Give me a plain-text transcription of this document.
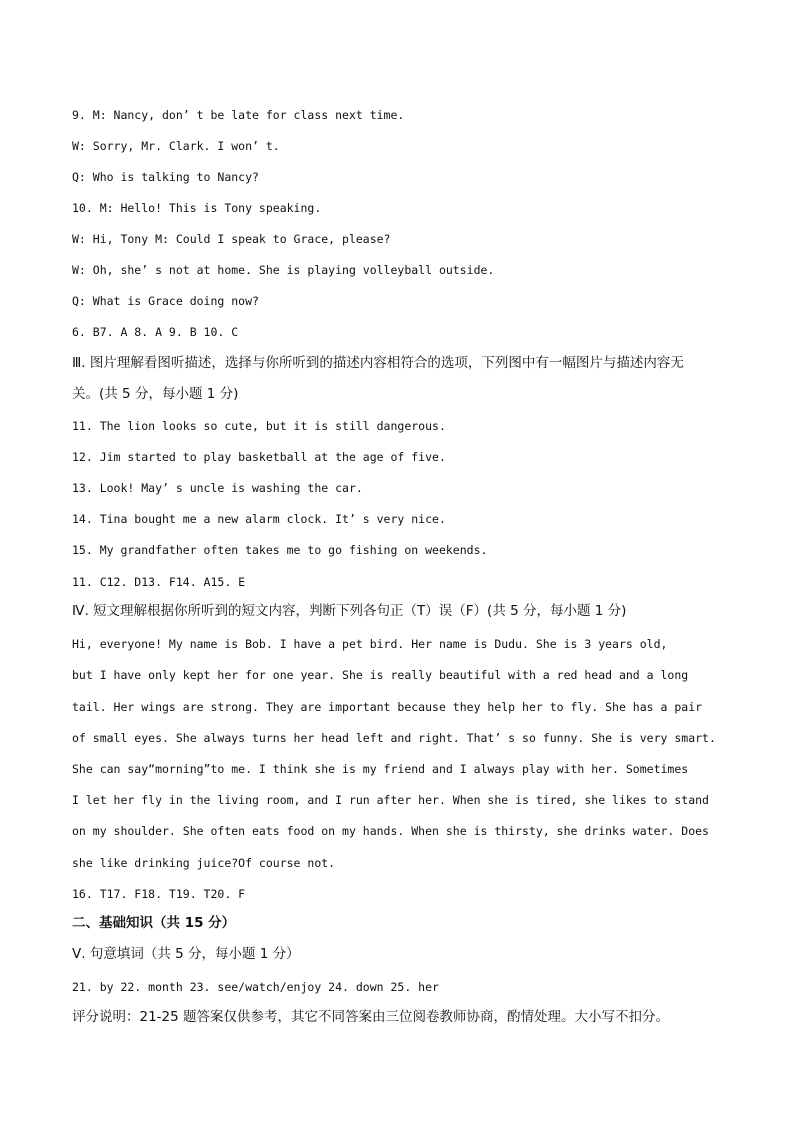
9. M: Nancy, don’ t be late for class next time.
W: Sorry, Mr. Clark. I won’ t.
Q: Who is talking to Nancy?
10. M: Hello! This is Tony speaking.
W: Hi, Tony M: Could I speak to Grace, please?
W: Oh, she’ s not at home. She is playing volleyball outside.
Q: What is Grace doing now?
6. B7. A 8. A 9. B 10. C
Ⅲ. 图片理解看图听描述，选择与你所听到的描述内容相符合的选项，下列图中有一幅图片与描述内容无
关。(共 5 分，每小题 1 分)
11. The lion looks so cute, but it is still dangerous.
12. Jim started to play basketball at the age of five.
13. Look! May’ s uncle is washing the car.
14. Tina bought me a new alarm clock. It’ s very nice.
15. My grandfather often takes me to go fishing on weekends.
11. C12. D13. F14. A15. E
Ⅳ. 短文理解根据你所听到的短文内容，判断下列各句正（T）误（F）(共 5 分，每小题 1 分)
Hi, everyone! My name is Bob. I have a pet bird. Her name is Dudu. She is 3 years old,
but I have only kept her for one year. She is really beautiful with a red head and a long
tail. Her wings are strong. They are important because they help her to fly. She has a pair
of small eyes. She always turns her head left and right. That’ s so funny. She is very smart.
She can say“morning”to me. I think she is my friend and I always play with her. Sometimes
I let her fly in the living room, and I run after her. When she is tired, she likes to stand
on my shoulder. She often eats food on my hands. When she is thirsty, she drinks water. Does
she like drinking juice?Of course not.
16. T17. F18. T19. T20. F
二、基础知识（共 15 分）
Ⅴ. 句意填词（共 5 分，每小题 1 分）
21. by 22. month 23. see/watch/enjoy 24. down 25. her
评分说明：21-25 题答案仅供参考，其它不同答案由三位阅卷教师协商，酌情处理。大小写不扣分。
